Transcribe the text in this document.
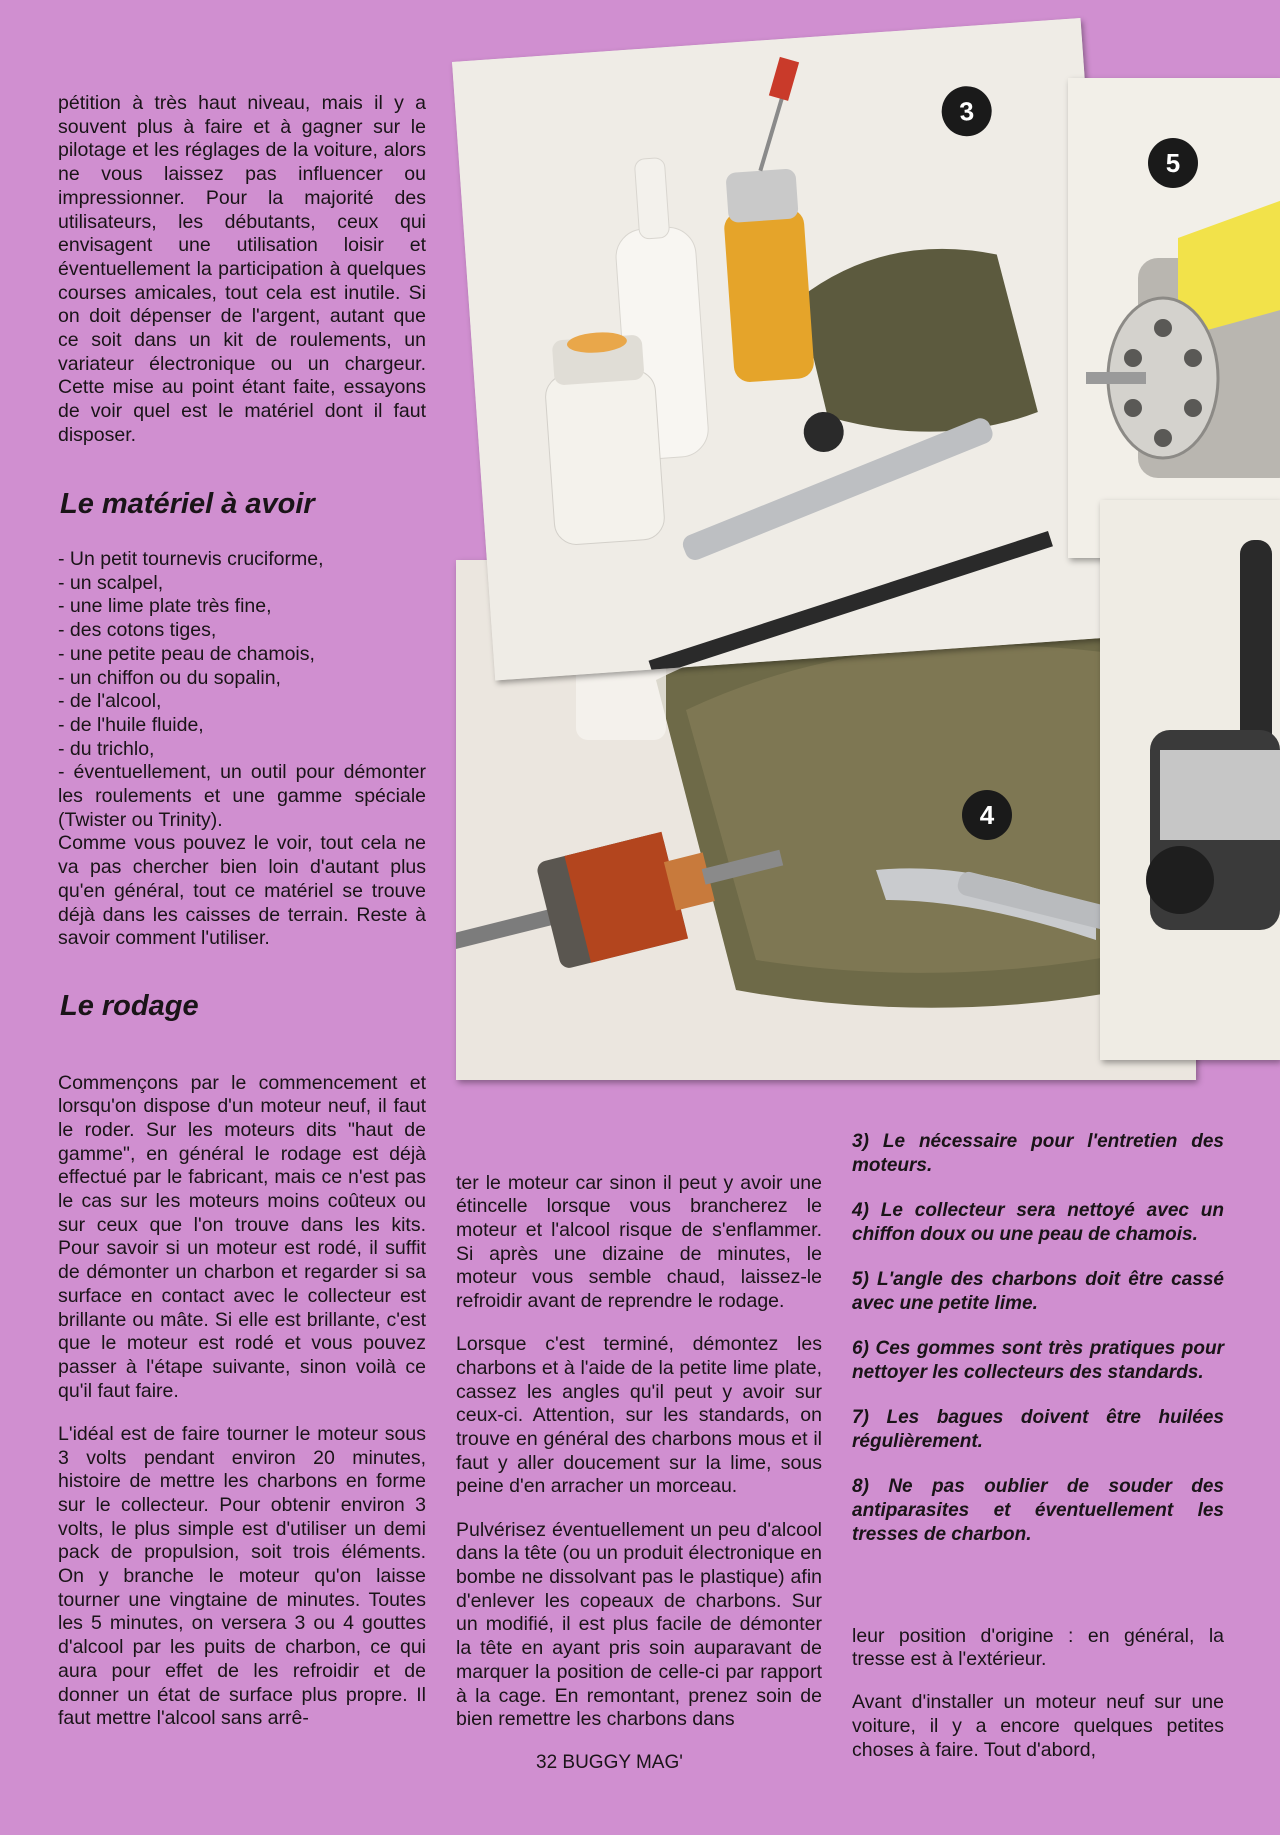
4
3
5

pétition à très haut niveau, mais il y a souvent plus à faire et à gagner sur le pilotage et les réglages de la voiture, alors ne vous laissez pas influencer ou impressionner. Pour la majorité des utilisateurs, les débutants, ceux qui envisagent une utilisation loisir et éventuellement la participation à quelques courses amicales, tout cela est inutile. Si on doit dépenser de l'argent, autant que ce soit dans un kit de roulements, un variateur électronique ou un chargeur. Cette mise au point étant faite, essayons de voir quel est le matériel dont il faut disposer.

Le matériel à avoir
- Un petit tournevis cruciforme,
- un scalpel,
- une lime plate très fine,
- des cotons tiges,
- une petite peau de chamois,
- un chiffon ou du sopalin,
- de l'alcool,
- de l'huile fluide,
- du trichlo,
- éventuellement, un outil pour démonter les roulements et une gamme spéciale (Twister ou Trinity).
Comme vous pouvez le voir, tout cela ne va pas chercher bien loin d'autant plus qu'en général, tout ce matériel se trouve déjà dans les caisses de terrain. Reste à savoir comment l'utiliser.
Le rodage

Commençons par le commencement et lorsqu'on dispose d'un moteur neuf, il faut le roder. Sur les moteurs dits "haut de gamme", en général le rodage est déjà effectué par le fabricant, mais ce n'est pas le cas sur les moteurs moins coûteux ou sur ceux que l'on trouve dans les kits. Pour savoir si un moteur est rodé, il suffit de démonter un charbon et regarder si sa surface en contact avec le collecteur est brillante ou mâte. Si elle est brillante, c'est que le moteur est rodé et vous pouvez passer à l'étape suivante, sinon voilà ce qu'il faut faire.

L'idéal est de faire tourner le moteur sous 3 volts pendant environ 20 minutes, histoire de mettre les charbons en forme sur le collecteur. Pour obtenir environ 3 volts, le plus simple est d'utiliser un demi pack de propulsion, soit trois éléments. On y branche le moteur qu'on laisse tourner une vingtaine de minutes. Toutes les 5 minutes, on versera 3 ou 4 gouttes d'alcool par les puits de charbon, ce qui aura pour effet de les refroidir et de donner un état de surface plus propre. Il faut mettre l'alcool sans arrê-

ter le moteur car sinon il peut y avoir une étincelle lorsque vous brancherez le moteur et l'alcool risque de s'enflammer. Si après une dizaine de minutes, le moteur vous semble chaud, laissez-le refroidir avant de reprendre le rodage.

Lorsque c'est terminé, démontez les charbons et à l'aide de la petite lime plate, cassez les angles qu'il peut y avoir sur ceux-ci. Attention, sur les standards, on trouve en général des charbons mous et il faut y aller doucement sur la lime, sous peine d'en arracher un morceau.

Pulvérisez éventuellement un peu d'alcool dans la tête (ou un produit électronique en bombe ne dissolvant pas le plastique) afin d'enlever les copeaux de charbons. Sur un modifié, il est plus facile de démonter la tête en ayant pris soin auparavant de marquer la position de celle-ci par rapport à la cage. En remontant, prenez soin de bien remettre les charbons dans

3) Le nécessaire pour l'entretien des moteurs.

4) Le collecteur sera nettoyé avec un chiffon doux ou une peau de chamois.

5) L'angle des charbons doit être cassé avec une petite lime.

6) Ces gommes sont très pratiques pour nettoyer les collecteurs des standards.

7) Les bagues doivent être huilées régulièrement.

8) Ne pas oublier de souder des antiparasites et éventuellement les tresses de charbon.

leur position d'origine : en général, la tresse est à l'extérieur.

Avant d'installer un moteur neuf sur une voiture, il y a encore quelques petites choses à faire. Tout d'abord,

32 BUGGY MAG'
